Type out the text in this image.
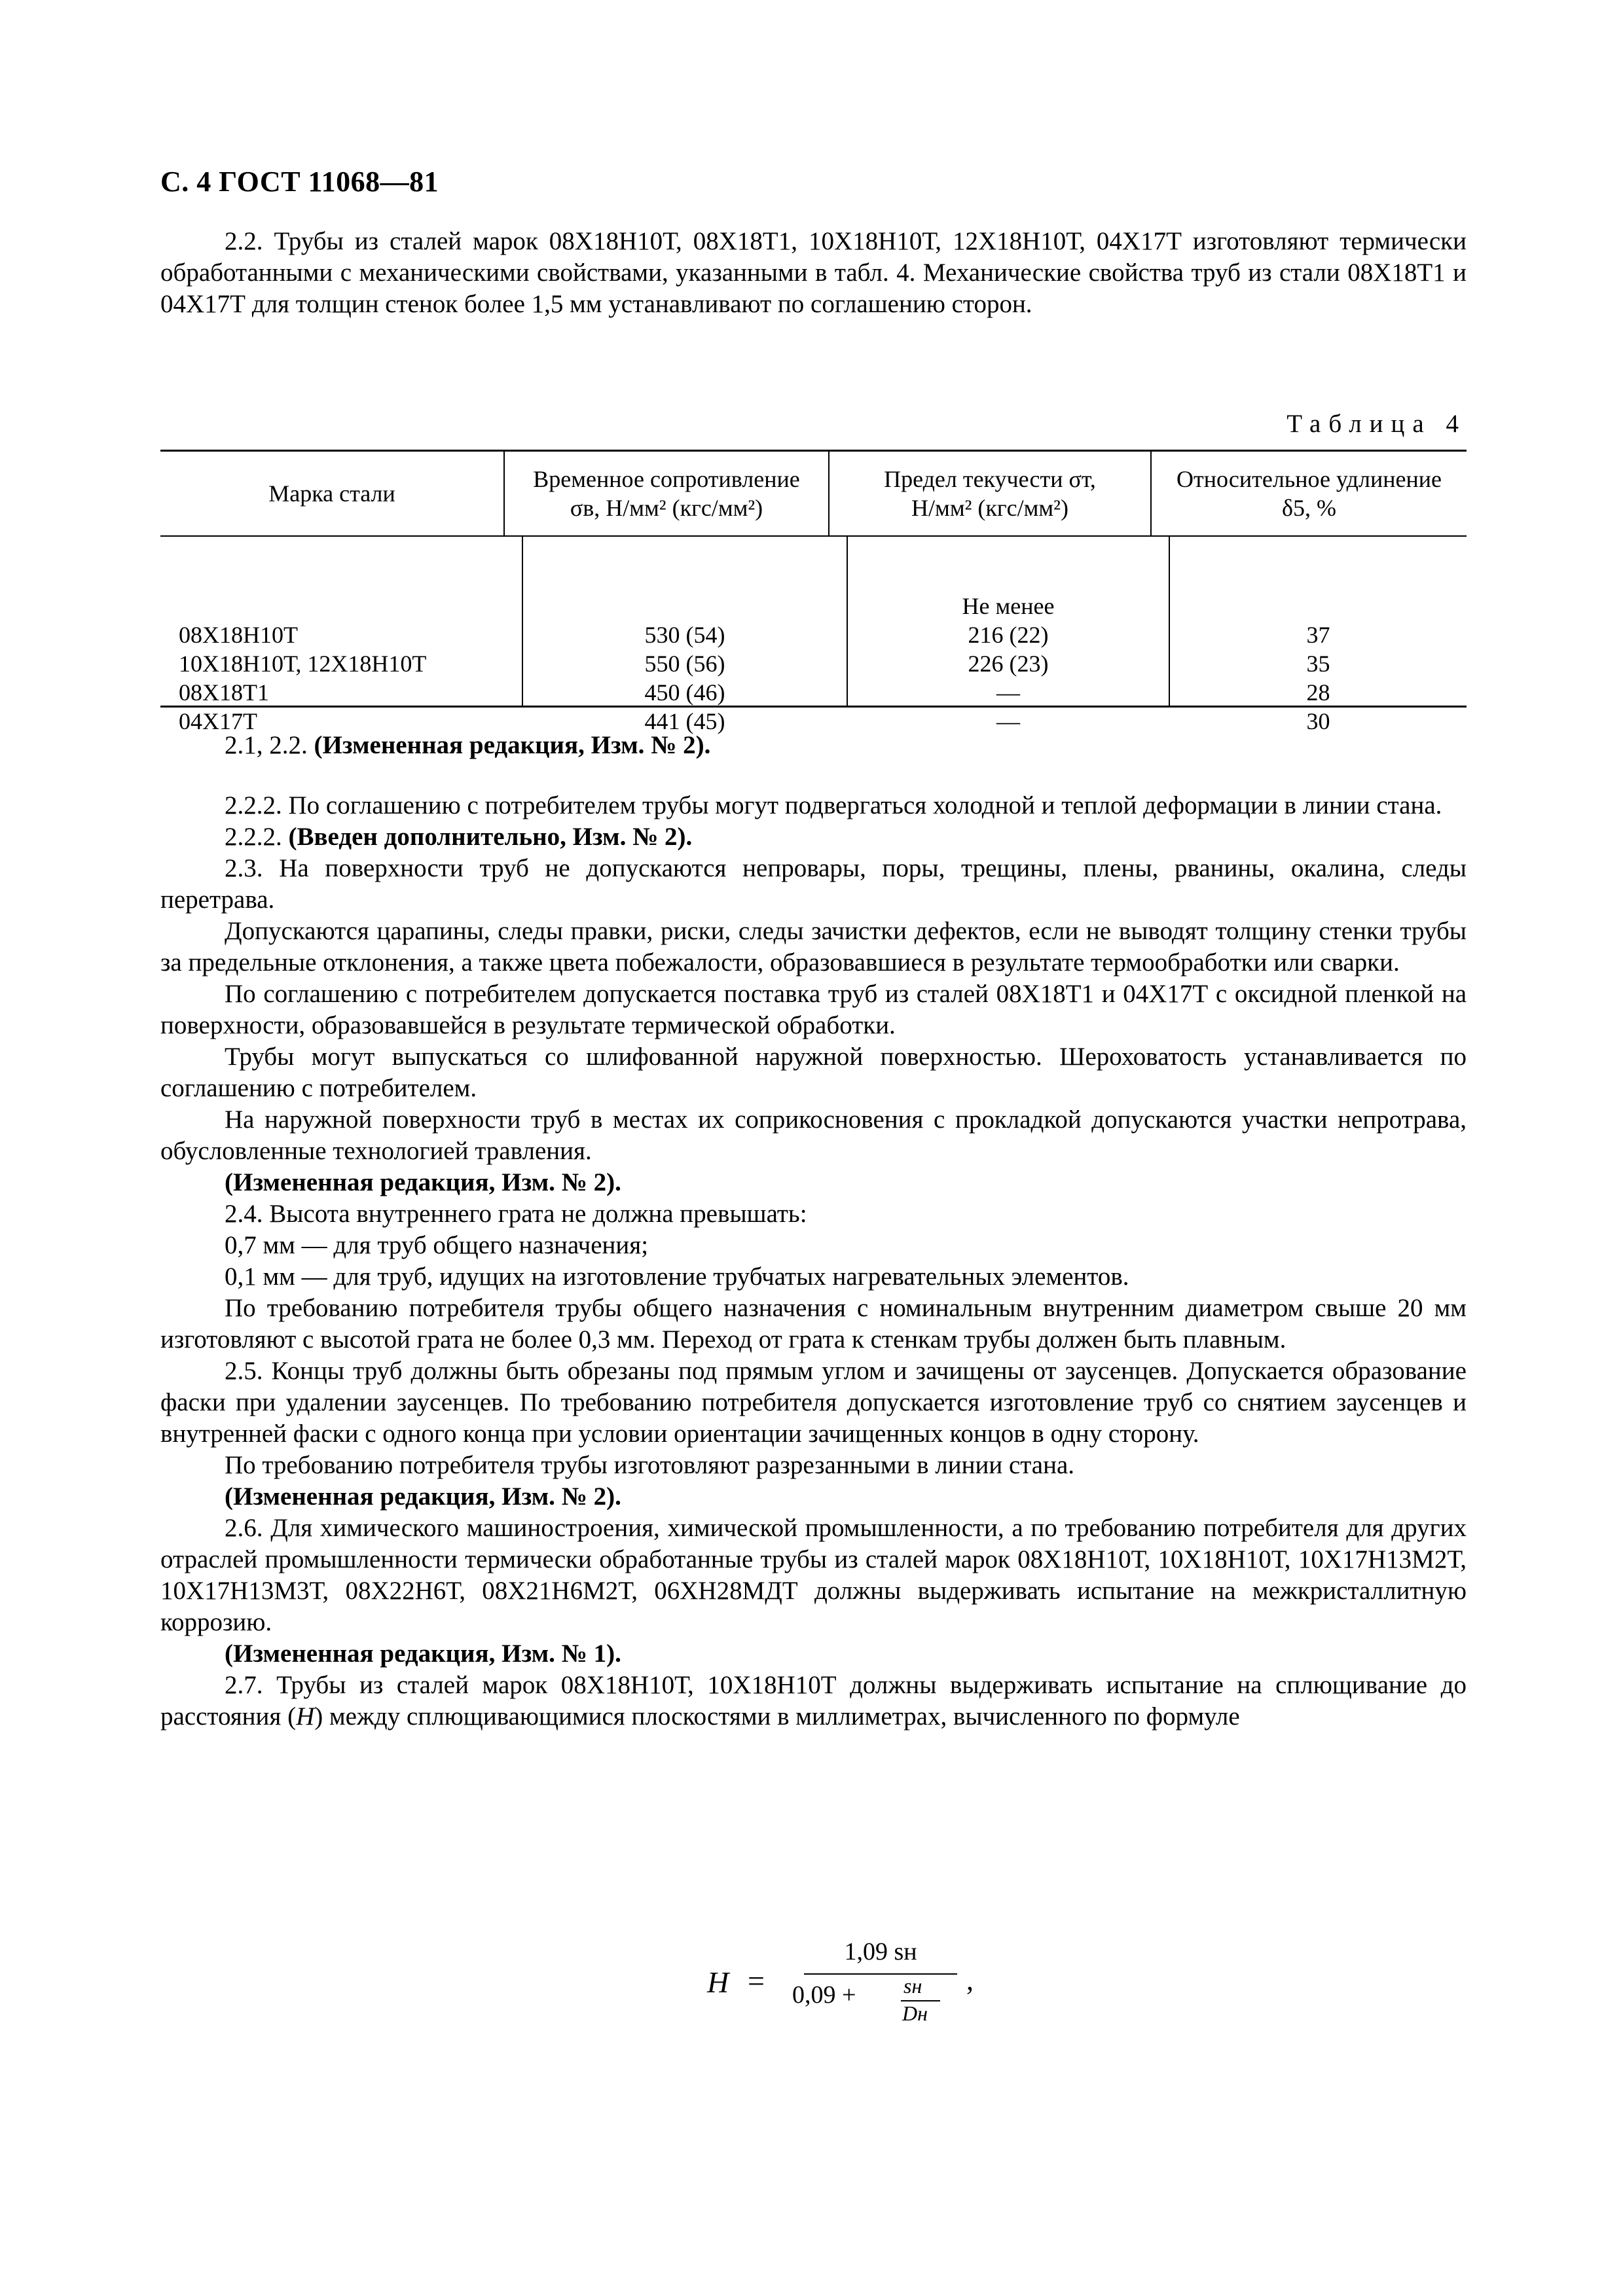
С. 4 ГОСТ 11068—81

2.2. Трубы из сталей марок 08Х18Н10Т, 08Х18Т1, 10Х18Н10Т, 12Х18Н10Т, 04Х17Т изготовляют термически обработанными с механическими свойствами, указанными в табл. 4. Механические свойства труб из стали 08Х18Т1 и 04Х17Т для толщин стенок более 1,5 мм устанавливают по соглашению сторон.

Таблица 4
Марка стали
Временное сопротивление
σв, Н/мм² (кгс/мм²)
Предел текучести σт,
Н/мм² (кгс/мм²)
Относительное удлинение
δ5, %
08Х18Н10Т
10Х18Н10Т, 12Х18Н10Т
08Х18Т1
04Х17Т
530 (54)
550 (56)
450 (46)
441 (45)
Не менее
216 (22)
226 (23)
—
—
37
35
28
30

2.1, 2.2. (Измененная редакция, Изм. № 2).

2.2.2. По соглашению с потребителем трубы могут подвергаться холодной и теплой деформации в линии стана.

2.2.2. (Введен дополнительно, Изм. № 2).

2.3. На поверхности труб не допускаются непровары, поры, трещины, плены, рванины, окалина, следы перетрава.

Допускаются царапины, следы правки, риски, следы зачистки дефектов, если не выводят толщину стенки трубы за предельные отклонения, а также цвета побежалости, образовавшиеся в результате термообработки или сварки.

По соглашению с потребителем допускается поставка труб из сталей 08Х18Т1 и 04Х17Т с оксидной пленкой на поверхности, образовавшейся в результате термической обработки.

Трубы могут выпускаться со шлифованной наружной поверхностью. Шероховатость устанавливается по соглашению с потребителем.

На наружной поверхности труб в местах их соприкосновения с прокладкой допускаются участки непротрава, обусловленные технологией травления.

(Измененная редакция, Изм. № 2).

2.4. Высота внутреннего грата не должна превышать:

0,7 мм — для труб общего назначения;

0,1 мм — для труб, идущих на изготовление трубчатых нагревательных элементов.

По требованию потребителя трубы общего назначения с номинальным внутренним диаметром свыше 20 мм изготовляют с высотой грата не более 0,3 мм. Переход от грата к стенкам трубы должен быть плавным.

2.5. Концы труб должны быть обрезаны под прямым углом и зачищены от заусенцев. Допускается образование фаски при удалении заусенцев. По требованию потребителя допускается изготовление труб со снятием заусенцев и внутренней фаски с одного конца при условии ориентации зачищенных концов в одну сторону.

По требованию потребителя трубы изготовляют разрезанными в линии стана.

(Измененная редакция, Изм. № 2).

2.6. Для химического машиностроения, химической промышленности, а по требованию потребителя для других отраслей промышленности термически обработанные трубы из сталей марок 08Х18Н10Т, 10Х18Н10Т, 10Х17Н13М2Т, 10Х17Н13М3Т, 08Х22Н6Т, 08Х21Н6М2Т, 06ХН28МДТ должны выдерживать испытание на межкристаллитную коррозию.

(Измененная редакция, Изм. № 1).

2.7. Трубы из сталей марок 08Х18Н10Т, 10Х18Н10Т должны выдерживать испытание на сплющивание до расстояния (H) между сплющивающимися плоскостями в миллиметрах, вычисленного по формуле

H =
1,09 sн
0,09 + sн
Dн
,
